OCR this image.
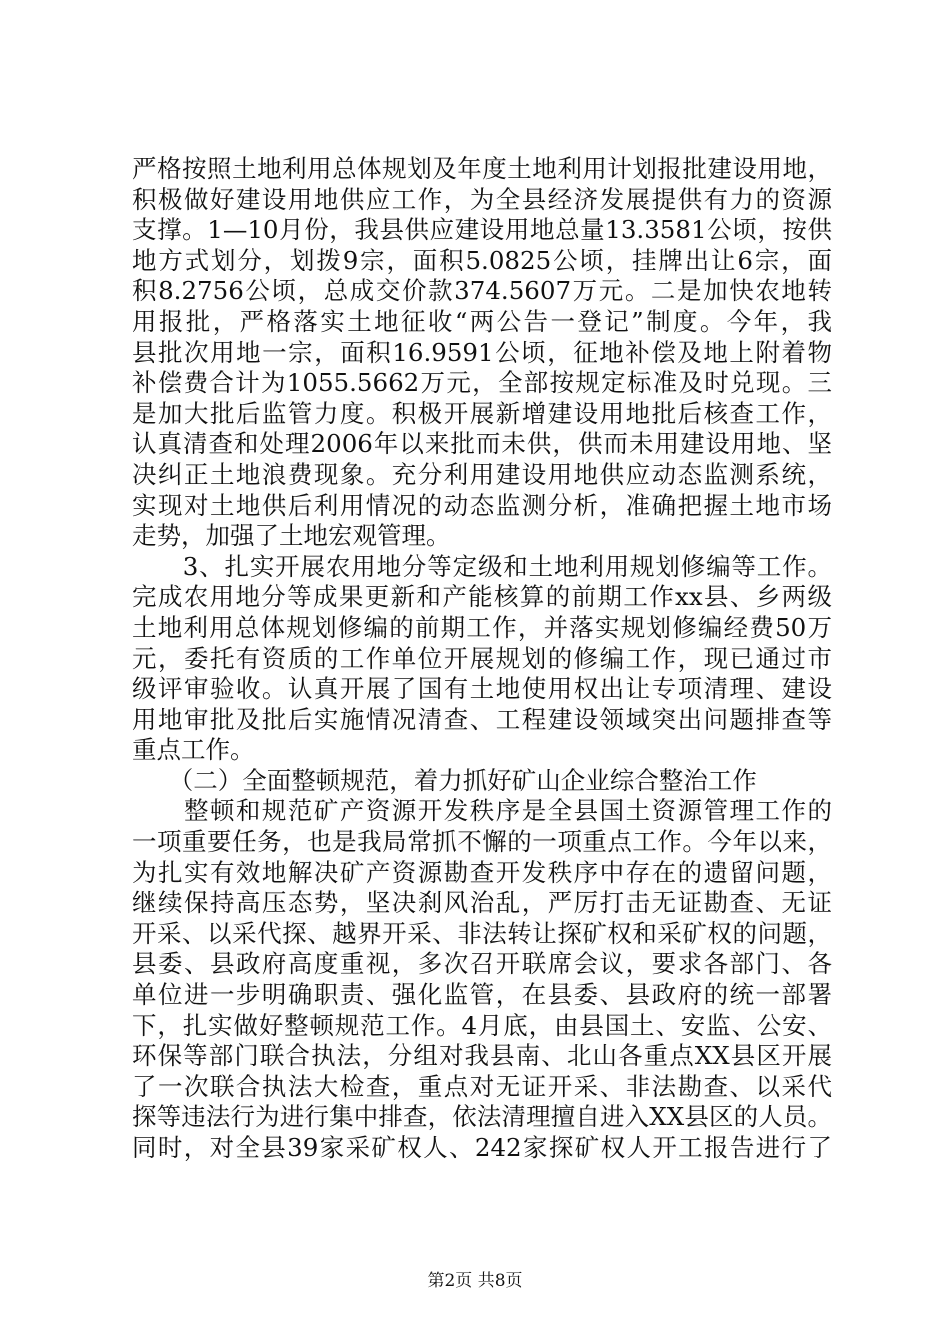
严格按照土地利用总体规划及年度土地利用计划报批建设用地，
积极做好建设用地供应工作，为全县经济发展提供有力的资源
支撑。1—10月份，我县供应建设用地总量13.3581公顷，按供
地方式划分，划拨9宗，面积5.0825公顷，挂牌出让6宗，面
积8.2756公顷，总成交价款374.5607万元。二是加快农地转
用报批，严格落实土地征收“两公告一登记”制度。今年，我
县批次用地一宗，面积16.9591公顷，征地补偿及地上附着物
补偿费合计为1055.5662万元，全部按规定标准及时兑现。三
是加大批后监管力度。积极开展新增建设用地批后核查工作，
认真清查和处理2006年以来批而未供，供而未用建设用地、坚
决纠正土地浪费现象。充分利用建设用地供应动态监测系统，
实现对土地供后利用情况的动态监测分析，准确把握土地市场
走势，加强了土地宏观管理。
　　3、扎实开展农用地分等定级和土地利用规划修编等工作。
完成农用地分等成果更新和产能核算的前期工作xx县、乡两级
土地利用总体规划修编的前期工作，并落实规划修编经费50万
元，委托有资质的工作单位开展规划的修编工作，现已通过市
级评审验收。认真开展了国有土地使用权出让专项清理、建设
用地审批及批后实施情况清查、工程建设领域突出问题排查等
重点工作。
　　（二）全面整顿规范，着力抓好矿山企业综合整治工作
　　整顿和规范矿产资源开发秩序是全县国土资源管理工作的
一项重要任务，也是我局常抓不懈的一项重点工作。今年以来，
为扎实有效地解决矿产资源勘查开发秩序中存在的遗留问题，
继续保持高压态势，坚决刹风治乱，严厉打击无证勘查、无证
开采、以采代探、越界开采、非法转让探矿权和采矿权的问题，
县委、县政府高度重视，多次召开联席会议，要求各部门、各
单位进一步明确职责、强化监管，在县委、县政府的统一部署
下，扎实做好整顿规范工作。4月底，由县国土、安监、公安、
环保等部门联合执法，分组对我县南、北山各重点XX县区开展
了一次联合执法大检查，重点对无证开采、非法勘查、以采代
探等违法行为进行集中排查，依法清理擅自进入XX县区的人员。
同时，对全县39家采矿权人、242家探矿权人开工报告进行了
第2页 共8页
